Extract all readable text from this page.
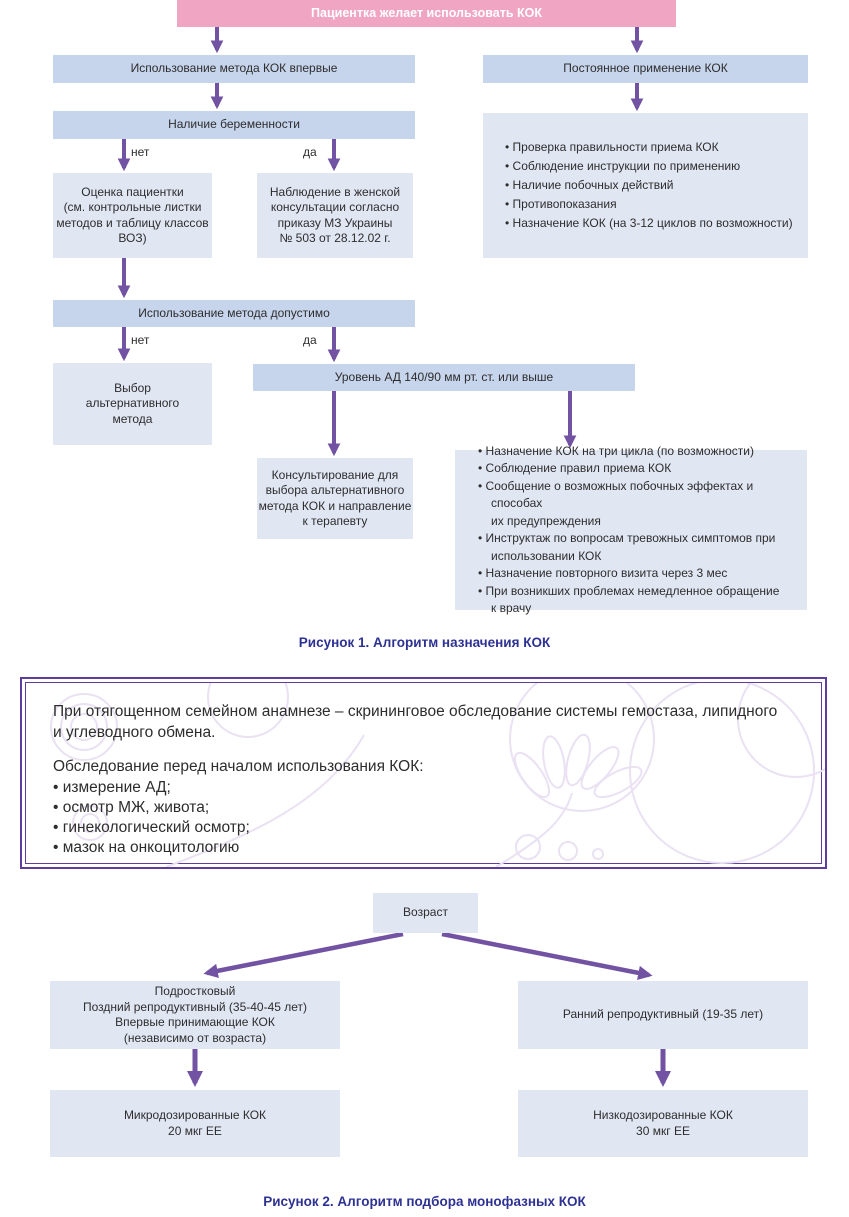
Пациентка желает использовать КОК
Использование метода КОК впервые	Постоянное применение КОК
Наличие беременности
нет	да
Оценка пациентки
(см. контрольные листки
методов и таблицу классов
ВОЗ)
Наблюдение в женской
консультации согласно
приказу МЗ Украины
№ 503 от 28.12.02 г.
• Проверка правильности приема КОК
• Соблюдение инструкции по применению
• Наличие побочных действий
• Противопоказания
• Назначение КОК (на 3-12 циклов по возможности)
Использование метода допустимо
нет	да
Выбор
альтернативного
метода
Уровень АД 140/90 мм рт. ст. или выше
Консультирование для
выбора альтернативного
метода КОК и направление
к терапевту
• Назначение КОК на три цикла (по возможности)
• Соблюдение правил приема КОК
• Сообщение о возможных побочных эффектах и способах
их предупреждения
• Инструктаж по вопросам тревожных симптомов при
использовании КОК
• Назначение повторного визита через 3 мес
• При возникших проблемах немедленное обращение
к врачу
Рисунок 1. Алгоритм назначения КОК

При отягощенном семейном анамнезе – скрининговое обследование системы гемостаза, липидного
и углеводного обмена.

Обследование перед началом использования КОК:

• измерение АД;
• осмотр МЖ, живота;
• гинекологический осмотр;
• мазок на онкоцитологию
Возраст
Подростковый
Поздний репродуктивный (35-40-45 лет)
Впервые принимающие КОК
(независимо от возраста)
Ранний репродуктивный (19-35 лет)
Микродозированные КОК
20 мкг ЕЕ
Низкодозированные КОК
30 мкг ЕЕ
Рисунок 2. Алгоритм подбора монофазных КОК
